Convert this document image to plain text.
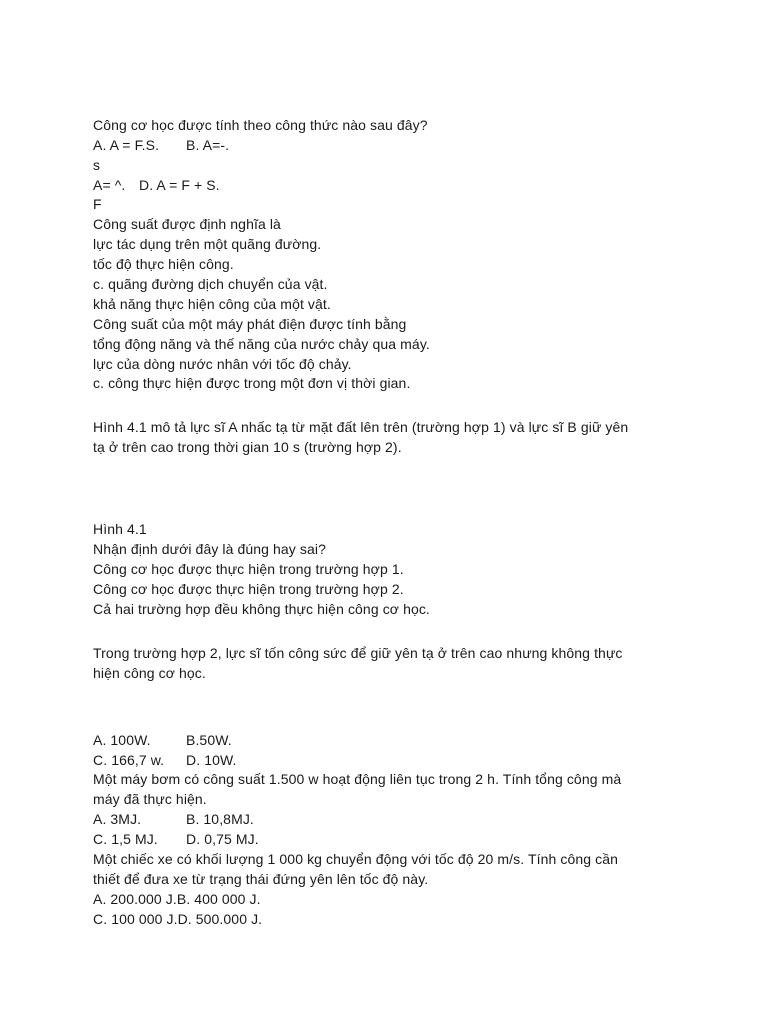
Công cơ học được tính theo công thức nào sau đây?
A. A = F.S. B. A=-.
s
A= ^. D. A = F + S.
F
Công suất được định nghĩa là
lực tác dụng trên một quãng đường.
tốc độ thực hiện công.
c. quãng đường dịch chuyển của vật.
khả năng thực hiện công của một vật.
Công suất của một máy phát điện được tính bằng
tổng động năng và thế năng của nước chảy qua máy.
lực của dòng nước nhân với tốc độ chảy.
c. công thực hiện được trong một đơn vị thời gian.
Hình 4.1 mô tả lực sĩ A nhấc tạ từ mặt đất lên trên (trường hợp 1) và lực sĩ B giữ yên
tạ ở trên cao trong thời gian 10 s (trường hợp 2).
Hình 4.1
Nhận định dưới đây là đúng hay sai?
Công cơ học được thực hiện trong trường hợp 1.
Công cơ học được thực hiện trong trường hợp 2.
Cả hai trường hợp đều không thực hiện công cơ học.
Trong trường hợp 2, lực sĩ tốn công sức để giữ yên tạ ở trên cao nhưng không thực
hiện công cơ học.
A. 100W.	B.50W.
C. 166,7 w. D. 10W.
Một máy bơm có công suất 1.500 w hoạt động liên tục trong 2 h. Tính tổng công mà
máy đã thực hiện.
A. 3MJ.	B. 10,8MJ.
C. 1,5 MJ. D. 0,75 MJ.
Một chiếc xe có khối lượng 1 000 kg chuyển động với tốc độ 20 m/s. Tính công cần
thiết để đưa xe từ trạng thái đứng yên lên tốc độ này.
A. 200.000 J.B. 400 000 J.
C. 100 000 J.D. 500.000 J.
